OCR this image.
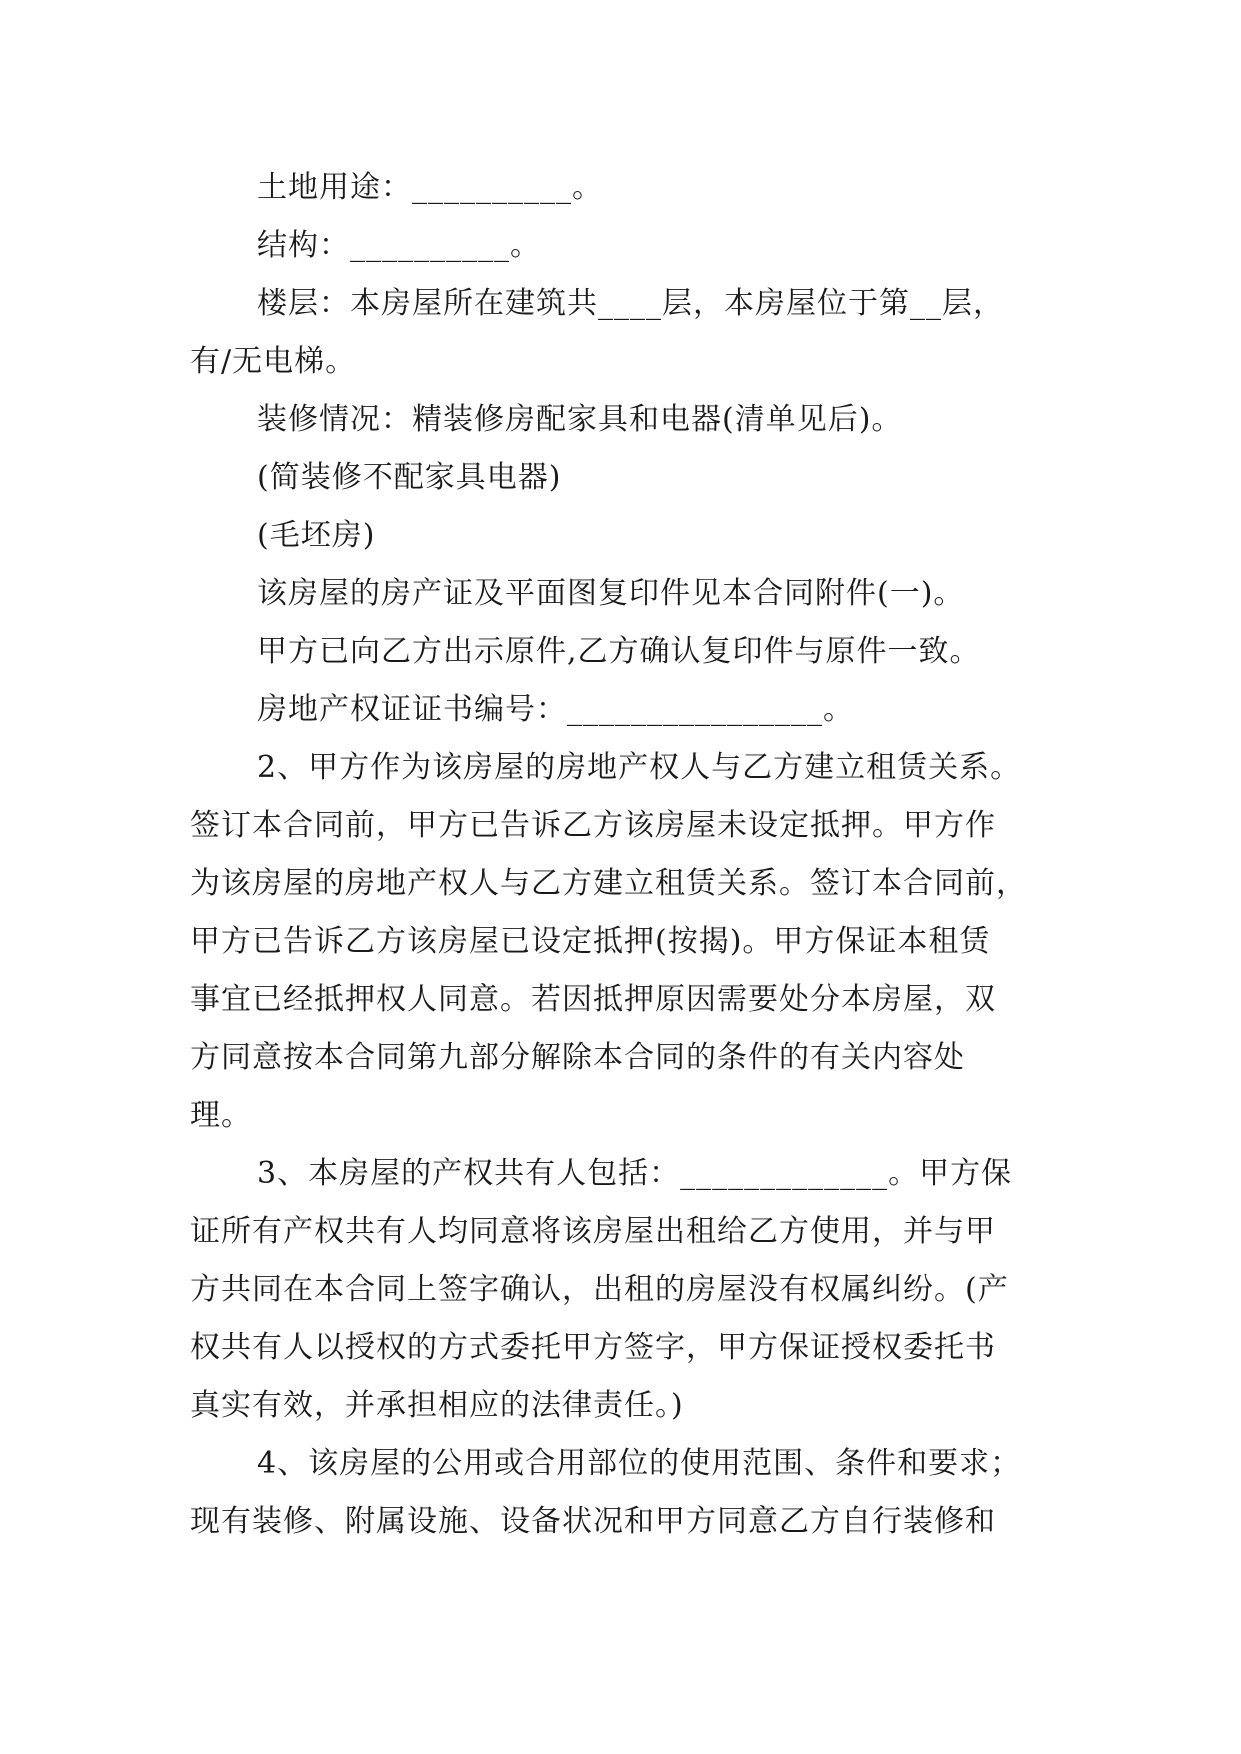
土地用途：__________。
结构：__________。
楼层：本房屋所在建筑共____层，本房屋位于第__层，
有/无电梯。
装修情况：精装修房配家具和电器(清单见后)。
(简装修不配家具电器)
(毛坯房)
该房屋的房产证及平面图复印件见本合同附件(一)。
甲方已向乙方出示原件,乙方确认复印件与原件一致。
房地产权证证书编号：________________。
2、甲方作为该房屋的房地产权人与乙方建立租赁关系。
签订本合同前，甲方已告诉乙方该房屋未设定抵押。甲方作
为该房屋的房地产权人与乙方建立租赁关系。签订本合同前，
甲方已告诉乙方该房屋已设定抵押(按揭)。甲方保证本租赁
事宜已经抵押权人同意。若因抵押原因需要处分本房屋，双
方同意按本合同第九部分解除本合同的条件的有关内容处
理。
3、本房屋的产权共有人包括：_____________。甲方保
证所有产权共有人均同意将该房屋出租给乙方使用，并与甲
方共同在本合同上签字确认，出租的房屋没有权属纠纷。(产
权共有人以授权的方式委托甲方签字，甲方保证授权委托书
真实有效，并承担相应的法律责任。)
4、该房屋的公用或合用部位的使用范围、条件和要求；
现有装修、附属设施、设备状况和甲方同意乙方自行装修和
